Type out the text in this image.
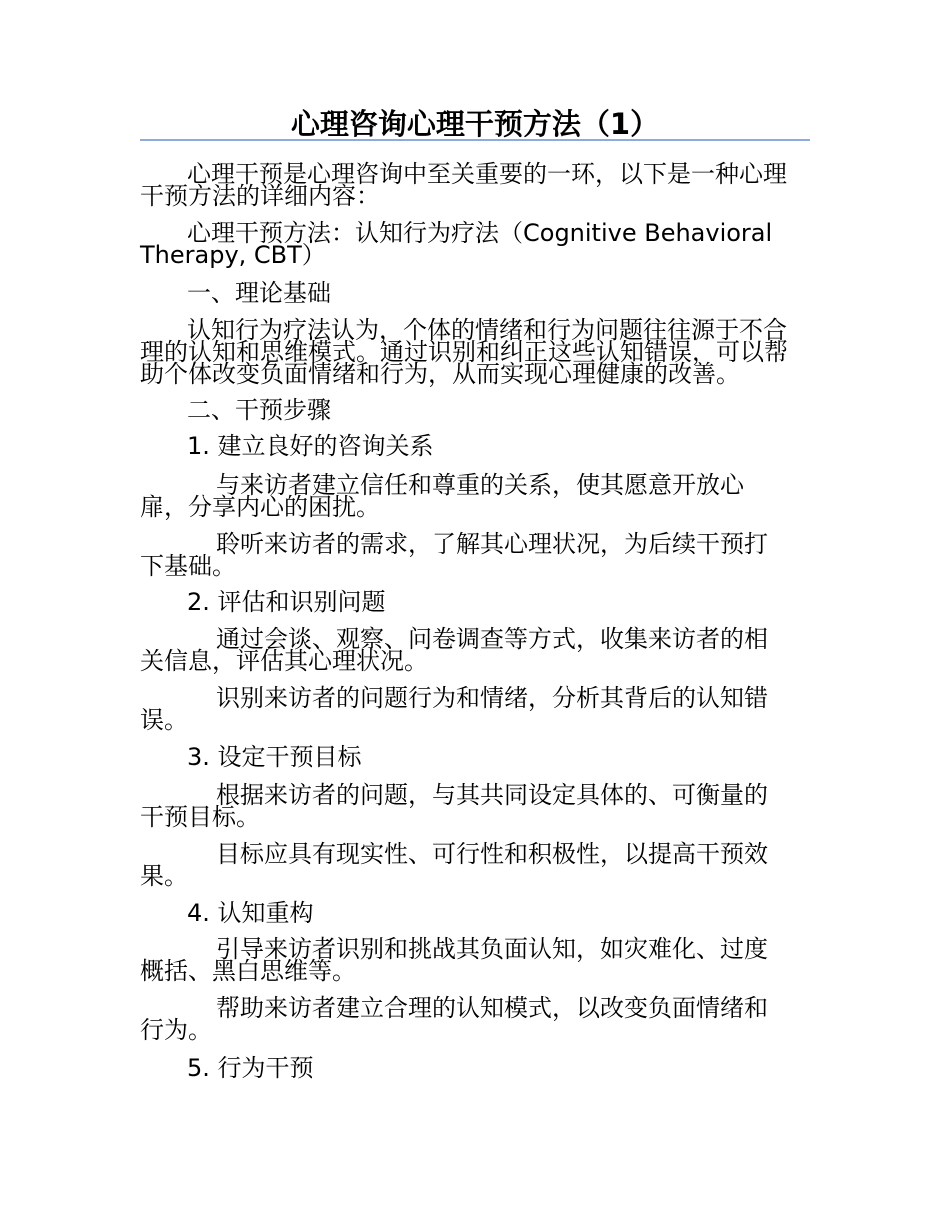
心理咨询心理干预方法（1）

心理干预是心理咨询中至关重要的一环，以下是一种心理

干预方法的详细内容：

心理干预方法：认知行为疗法（Cognitive Behavioral

Therapy, CBT）

一、理论基础

认知行为疗法认为，个体的情绪和行为问题往往源于不合

理的认知和思维模式。通过识别和纠正这些认知错误，可以帮

助个体改变负面情绪和行为，从而实现心理健康的改善。

二、干预步骤

1. 建立良好的咨询关系

与来访者建立信任和尊重的关系，使其愿意开放心

扉，分享内心的困扰。

聆听来访者的需求，了解其心理状况，为后续干预打

下基础。

2. 评估和识别问题

通过会谈、观察、问卷调查等方式，收集来访者的相

关信息，评估其心理状况。

识别来访者的问题行为和情绪，分析其背后的认知错

误。

3. 设定干预目标

根据来访者的问题，与其共同设定具体的、可衡量的

干预目标。

目标应具有现实性、可行性和积极性，以提高干预效

果。

4. 认知重构

引导来访者识别和挑战其负面认知，如灾难化、过度

概括、黑白思维等。

帮助来访者建立合理的认知模式，以改变负面情绪和

行为。

5. 行为干预
